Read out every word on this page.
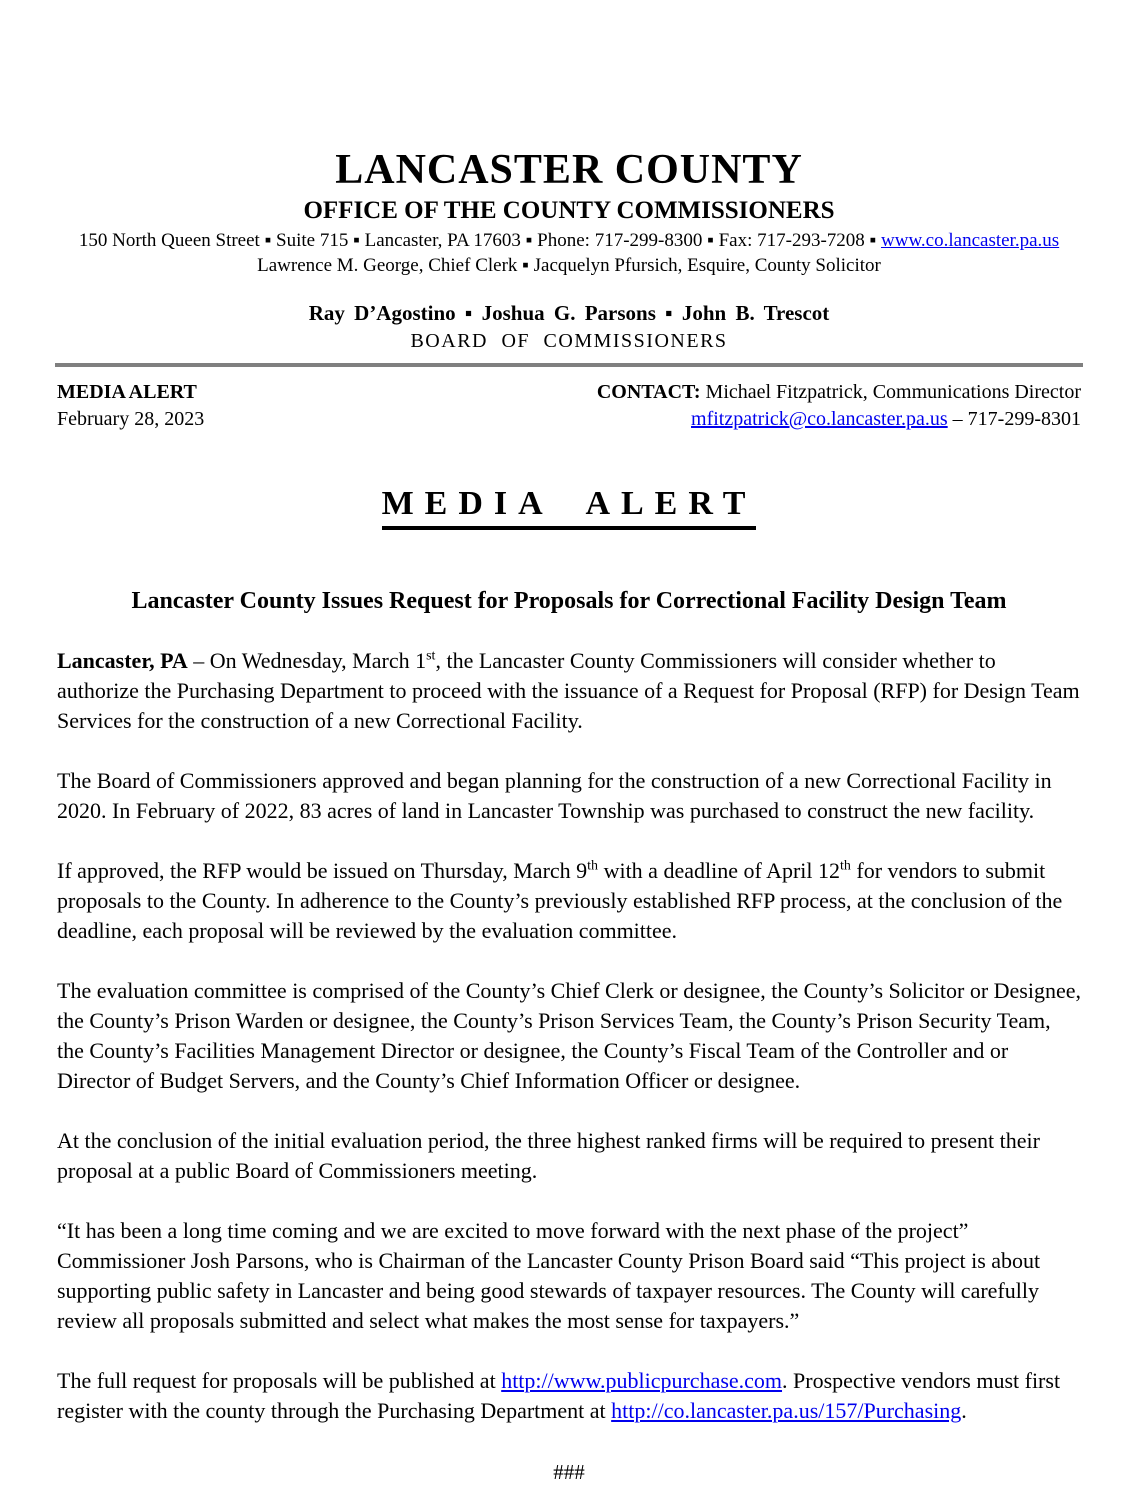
LANCASTER COUNTY
OFFICE OF THE COUNTY COMMISSIONERS

150 North Queen Street ▪ Suite 715 ▪ Lancaster, PA 17603 ▪ Phone: 717-299-8300 ▪ Fax: 717-293-7208 ▪ www.co.lancaster.pa.us

Lawrence M. George, Chief Clerk ▪ Jacquelyn Pfursich, Esquire, County Solicitor

Ray D’Agostino ▪ Joshua G. Parsons ▪ John B. Trescot

BOARD OF COMMISSIONERS

MEDIA ALERT
February 28, 2023
CONTACT: Michael Fitzpatrick, Communications Director
mfitzpatrick@co.lancaster.pa.us – 717-299-8301
MEDIA ALERT
Lancaster County Issues Request for Proposals for Correctional Facility Design Team

Lancaster, PA – On Wednesday, March 1st, the Lancaster County Commissioners will consider whether to authorize the Purchasing Department to proceed with the issuance of a Request for Proposal (RFP) for Design Team Services for the construction of a new Correctional Facility.

The Board of Commissioners approved and began planning for the construction of a new Correctional Facility in 2020. In February of 2022, 83 acres of land in Lancaster Township was purchased to construct the new facility.

If approved, the RFP would be issued on Thursday, March 9th with a deadline of April 12th for vendors to submit proposals to the County. In adherence to the County’s previously established RFP process, at the conclusion of the deadline, each proposal will be reviewed by the evaluation committee.

The evaluation committee is comprised of the County’s Chief Clerk or designee, the County’s Solicitor or Designee, the County’s Prison Warden or designee, the County’s Prison Services Team, the County’s Prison Security Team, the County’s Facilities Management Director or designee, the County’s Fiscal Team of the Controller and or Director of Budget Servers, and the County’s Chief Information Officer or designee.

At the conclusion of the initial evaluation period, the three highest ranked firms will be required to present their proposal at a public Board of Commissioners meeting.

“It has been a long time coming and we are excited to move forward with the next phase of the project” Commissioner Josh Parsons, who is Chairman of the Lancaster County Prison Board said “This project is about supporting public safety in Lancaster and being good stewards of taxpayer resources. The County will carefully review all proposals submitted and select what makes the most sense for taxpayers.”

The full request for proposals will be published at http://www.publicpurchase.com. Prospective vendors must first register with the county through the Purchasing Department at http://co.lancaster.pa.us/157/Purchasing.

###
